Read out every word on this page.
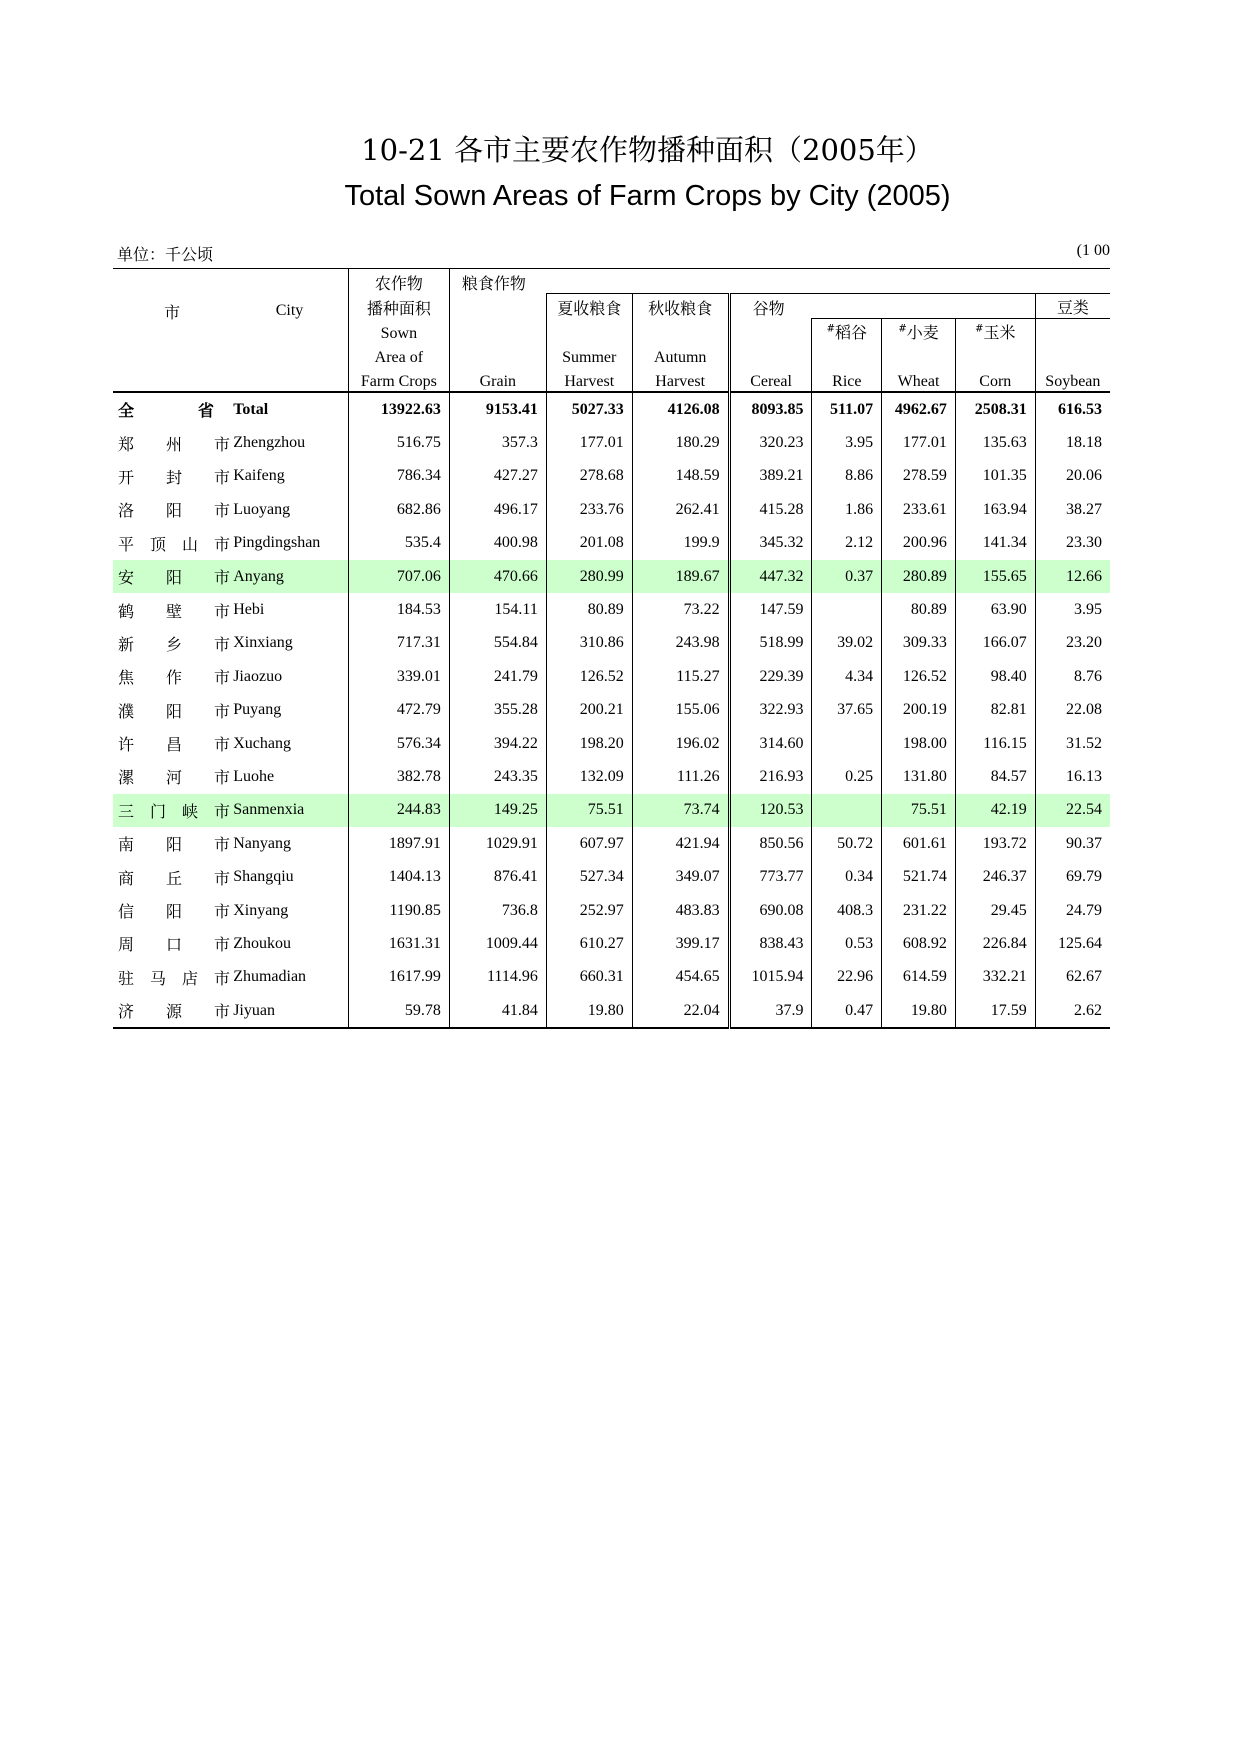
10-21 各市主要农作物播种面积（2005年）
Total Sown Areas of Farm Crops by City (2005)
单位：千公顷	(1 00
市	City	农作物	粮食作物							
		播种面积		夏收粮食	秋收粮食	谷物				豆类
		Sown					#稻谷	#小麦	#玉米	

		Area of		Summer	Autumn					
		Farm Crops	Grain	Harvest	Harvest	Cereal	Rice	Wheat	Corn	Soybean
全　　　　省	Total	13922.63	9153.41	5027.33	4126.08	8093.85	511.07	4962.67	2508.31	616.53
郑　　州　　市	Zhengzhou	516.75	357.3	177.01	180.29	320.23	3.95	177.01	135.63	18.18
开　　封　　市	Kaifeng	786.34	427.27	278.68	148.59	389.21	8.86	278.59	101.35	20.06
洛　　阳　　市	Luoyang	682.86	496.17	233.76	262.41	415.28	1.86	233.61	163.94	38.27
平　顶　山　市	Pingdingshan	535.4	400.98	201.08	199.9	345.32	2.12	200.96	141.34	23.30
安　　阳　　市	Anyang	707.06	470.66	280.99	189.67	447.32	0.37	280.89	155.65	12.66
鹤　　壁　　市	Hebi	184.53	154.11	80.89	73.22	147.59		80.89	63.90	3.95
新　　乡　　市	Xinxiang	717.31	554.84	310.86	243.98	518.99	39.02	309.33	166.07	23.20
焦　　作　　市	Jiaozuo	339.01	241.79	126.52	115.27	229.39	4.34	126.52	98.40	8.76
濮　　阳　　市	Puyang	472.79	355.28	200.21	155.06	322.93	37.65	200.19	82.81	22.08
许　　昌　　市	Xuchang	576.34	394.22	198.20	196.02	314.60		198.00	116.15	31.52
漯　　河　　市	Luohe	382.78	243.35	132.09	111.26	216.93	0.25	131.80	84.57	16.13
三　门　峡　市	Sanmenxia	244.83	149.25	75.51	73.74	120.53		75.51	42.19	22.54
南　　阳　　市	Nanyang	1897.91	1029.91	607.97	421.94	850.56	50.72	601.61	193.72	90.37
商　　丘　　市	Shangqiu	1404.13	876.41	527.34	349.07	773.77	0.34	521.74	246.37	69.79
信　　阳　　市	Xinyang	1190.85	736.8	252.97	483.83	690.08	408.3	231.22	29.45	24.79
周　　口　　市	Zhoukou	1631.31	1009.44	610.27	399.17	838.43	0.53	608.92	226.84	125.64
驻　马　店　市	Zhumadian	1617.99	1114.96	660.31	454.65	1015.94	22.96	614.59	332.21	62.67
济　　源　　市	Jiyuan	59.78	41.84	19.80	22.04	37.9	0.47	19.80	17.59	2.62
